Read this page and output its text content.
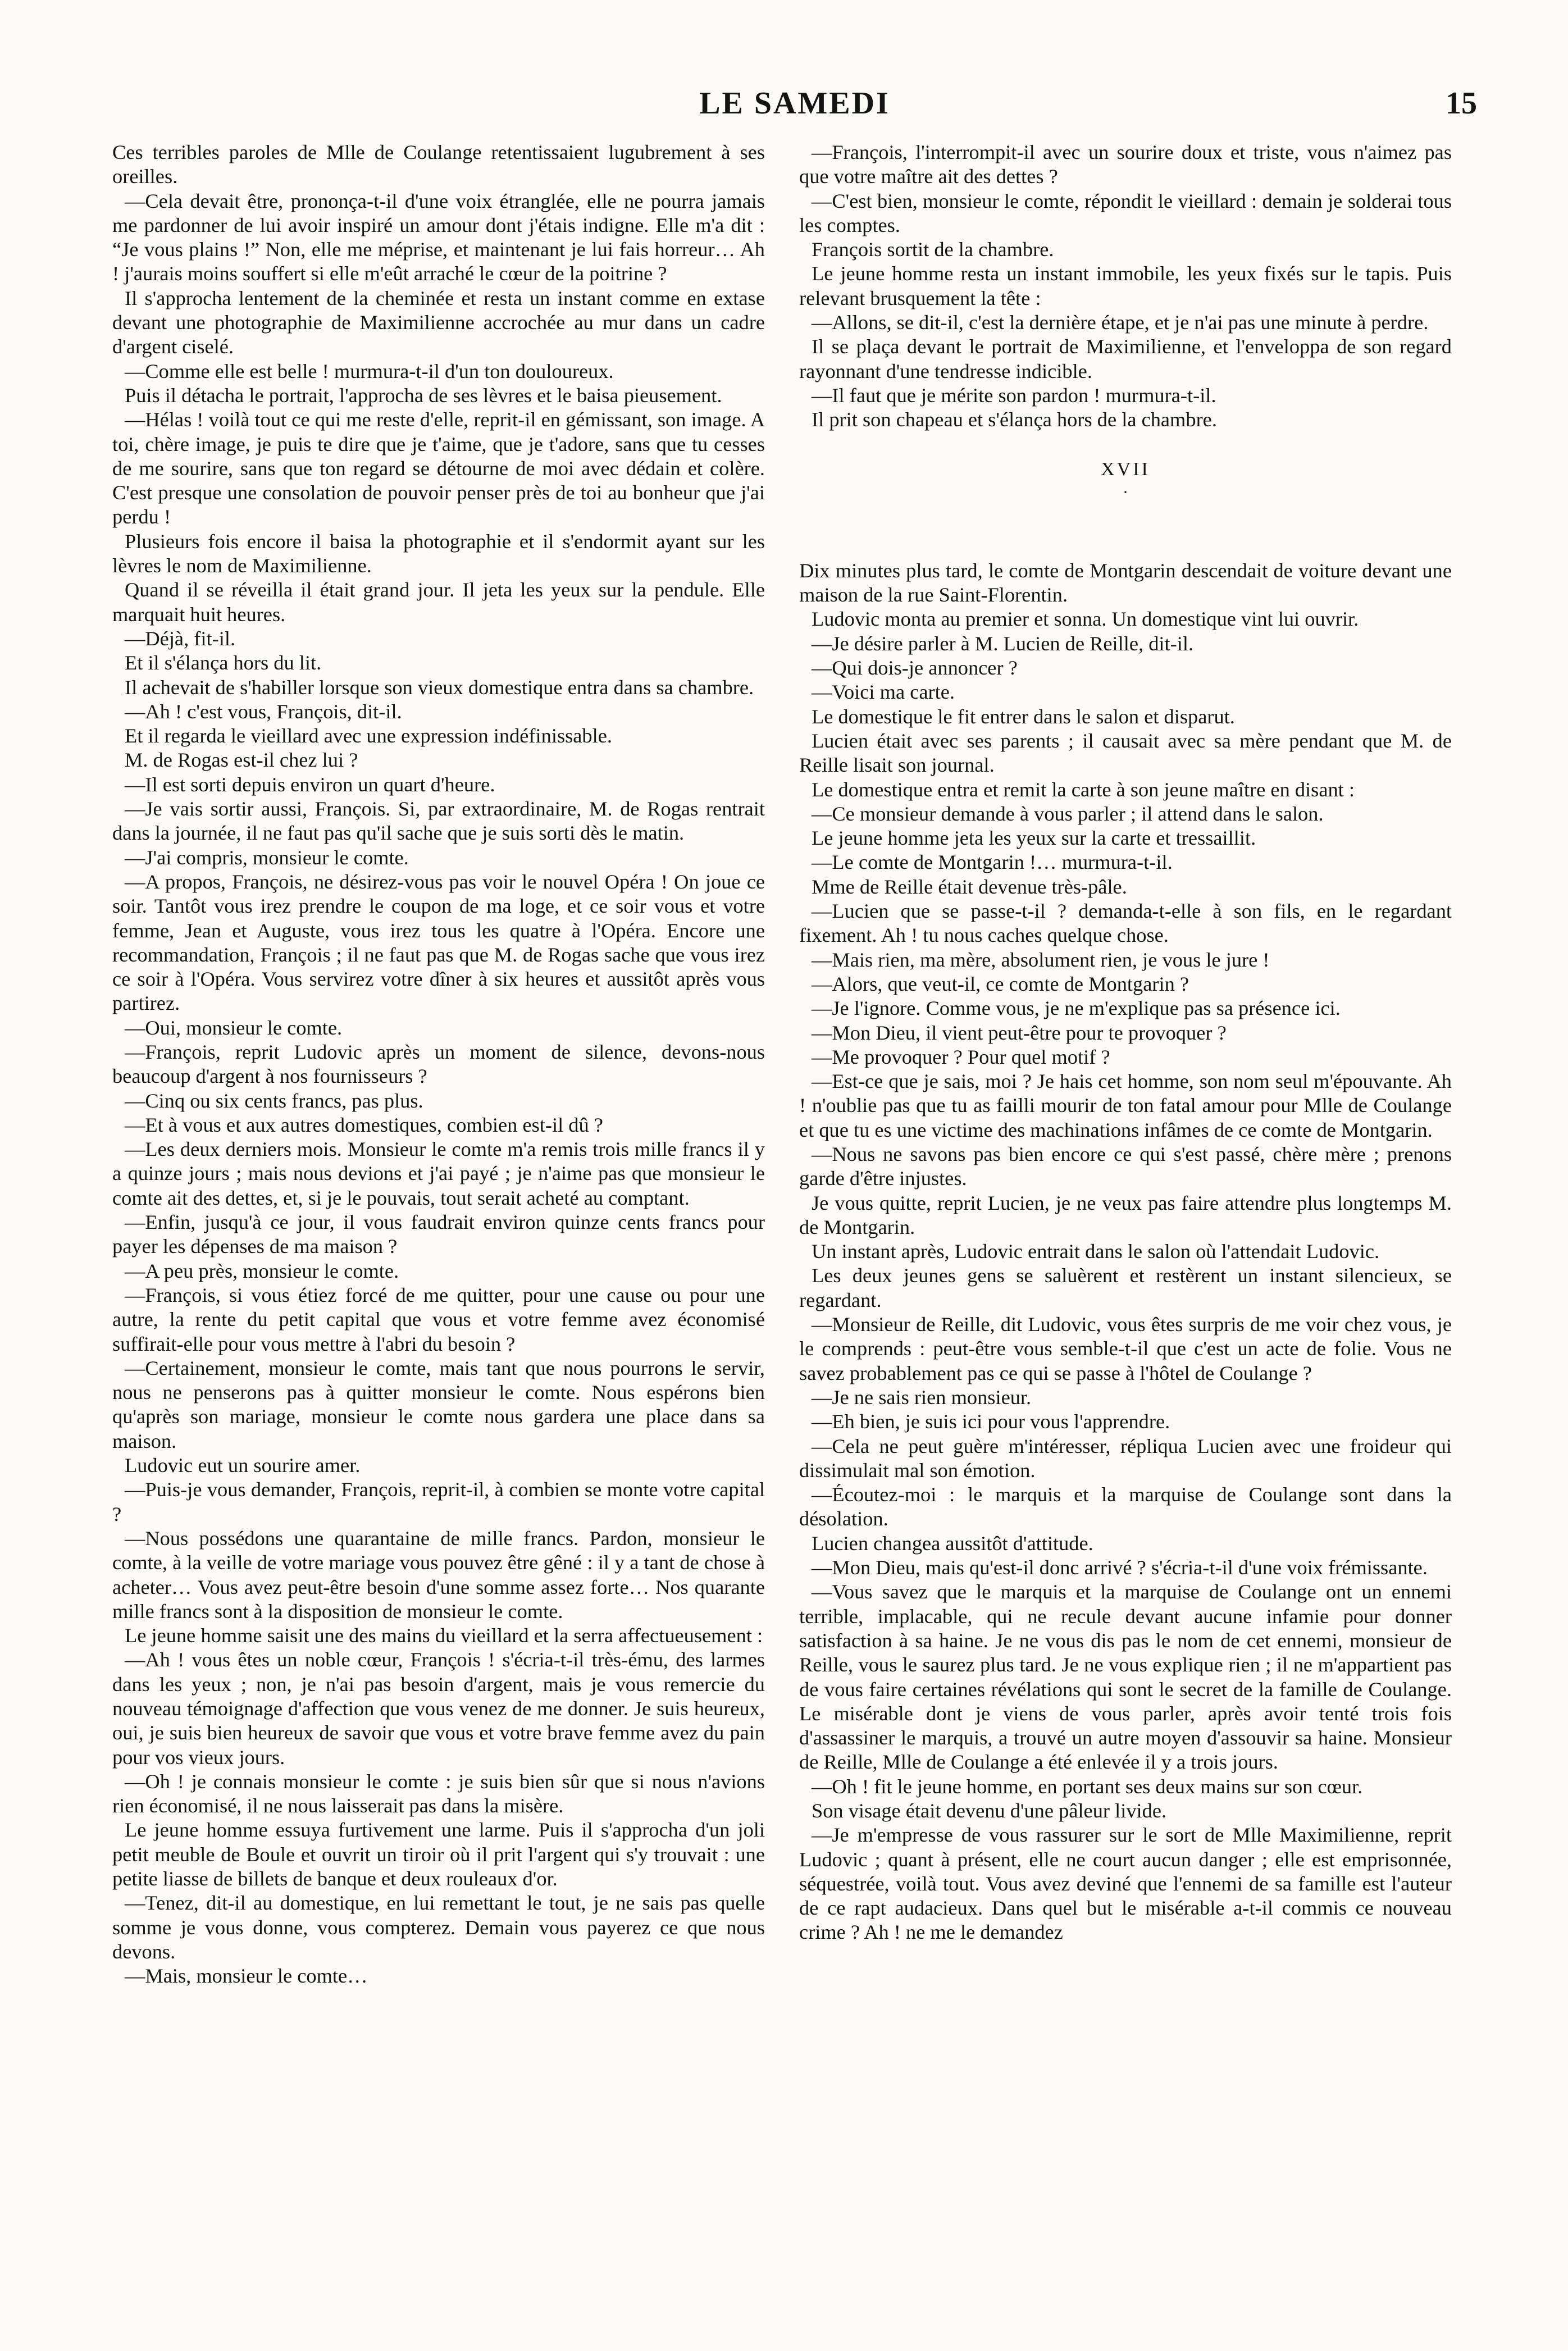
LE SAMEDI	15

Ces terribles paroles de Mlle de Coulange retentissaient lugubrement à ses oreilles.

—Cela devait être, prononça-t-il d'une voix étranglée, elle ne pourra jamais me pardonner de lui avoir inspiré un amour dont j'étais indigne. Elle m'a dit : “Je vous plains !” Non, elle me méprise, et maintenant je lui fais horreur… Ah ! j'aurais moins souffert si elle m'eût arraché le cœur de la poitrine ?

Il s'approcha lentement de la cheminée et resta un instant comme en extase devant une photographie de Maximilienne accrochée au mur dans un cadre d'argent ciselé.

—Comme elle est belle ! murmura-t-il d'un ton douloureux.

Puis il détacha le portrait, l'approcha de ses lèvres et le baisa pieusement.

—Hélas ! voilà tout ce qui me reste d'elle, reprit-il en gémissant, son image. A toi, chère image, je puis te dire que je t'aime, que je t'adore, sans que tu cesses de me sourire, sans que ton regard se détourne de moi avec dédain et colère. C'est presque une consolation de pouvoir penser près de toi au bonheur que j'ai perdu !

Plusieurs fois encore il baisa la photographie et il s'endormit ayant sur les lèvres le nom de Maximilienne.

Quand il se réveilla il était grand jour. Il jeta les yeux sur la pendule. Elle marquait huit heures.

—Déjà, fit-il.

Et il s'élança hors du lit.

Il achevait de s'habiller lorsque son vieux domestique entra dans sa chambre.

—Ah ! c'est vous, François, dit-il.

Et il regarda le vieillard avec une expression indéfinissable.

M. de Rogas est-il chez lui ?

—Il est sorti depuis environ un quart d'heure.

—Je vais sortir aussi, François. Si, par extraordinaire, M. de Rogas rentrait dans la journée, il ne faut pas qu'il sache que je suis sorti dès le matin.

—J'ai compris, monsieur le comte.

—A propos, François, ne désirez-vous pas voir le nouvel Opéra ! On joue ce soir. Tantôt vous irez prendre le coupon de ma loge, et ce soir vous et votre femme, Jean et Auguste, vous irez tous les quatre à l'Opéra. Encore une recommandation, François ; il ne faut pas que M. de Rogas sache que vous irez ce soir à l'Opéra. Vous servirez votre dîner à six heures et aussitôt après vous partirez.

—Oui, monsieur le comte.

—François, reprit Ludovic après un moment de silence, devons-nous beaucoup d'argent à nos fournisseurs ?

—Cinq ou six cents francs, pas plus.

—Et à vous et aux autres domestiques, combien est-il dû ?

—Les deux derniers mois. Monsieur le comte m'a remis trois mille francs il y a quinze jours ; mais nous devions et j'ai payé ; je n'aime pas que monsieur le comte ait des dettes, et, si je le pouvais, tout serait acheté au comptant.

—Enfin, jusqu'à ce jour, il vous faudrait environ quinze cents francs pour payer les dépenses de ma maison ?

—A peu près, monsieur le comte.

—François, si vous étiez forcé de me quitter, pour une cause ou pour une autre, la rente du petit capital que vous et votre femme avez économisé suffirait-elle pour vous mettre à l'abri du besoin ?

—Certainement, monsieur le comte, mais tant que nous pourrons le servir, nous ne penserons pas à quitter monsieur le comte. Nous espérons bien qu'après son mariage, monsieur le comte nous gardera une place dans sa maison.

Ludovic eut un sourire amer.

—Puis-je vous demander, François, reprit-il, à combien se monte votre capital ?

—Nous possédons une quarantaine de mille francs. Pardon, monsieur le comte, à la veille de votre mariage vous pouvez être gêné : il y a tant de chose à acheter… Vous avez peut-être besoin d'une somme assez forte… Nos quarante mille francs sont à la disposition de monsieur le comte.

Le jeune homme saisit une des mains du vieillard et la serra affectueusement :

—Ah ! vous êtes un noble cœur, François ! s'écria-t-il très-ému, des larmes dans les yeux ; non, je n'ai pas besoin d'argent, mais je vous remercie du nouveau témoignage d'affection que vous venez de me donner. Je suis heureux, oui, je suis bien heureux de savoir que vous et votre brave femme avez du pain pour vos vieux jours.

—Oh ! je connais monsieur le comte : je suis bien sûr que si nous n'avions rien économisé, il ne nous laisserait pas dans la misère.

Le jeune homme essuya furtivement une larme. Puis il s'approcha d'un joli petit meuble de Boule et ouvrit un tiroir où il prit l'argent qui s'y trouvait : une petite liasse de billets de banque et deux rouleaux d'or.

—Tenez, dit-il au domestique, en lui remettant le tout, je ne sais pas quelle somme je vous donne, vous compterez. Demain vous payerez ce que nous devons.

—Mais, monsieur le comte…

—François, l'interrompit-il avec un sourire doux et triste, vous n'aimez pas que votre maître ait des dettes ?

—C'est bien, monsieur le comte, répondit le vieillard : demain je solderai tous les comptes.

François sortit de la chambre.

Le jeune homme resta un instant immobile, les yeux fixés sur le tapis. Puis relevant brusquement la tête :

—Allons, se dit-il, c'est la dernière étape, et je n'ai pas une minute à perdre.

Il se plaça devant le portrait de Maximilienne, et l'enveloppa de son regard rayonnant d'une tendresse indicible.

—Il faut que je mérite son pardon ! murmura-t-il.

Il prit son chapeau et s'élança hors de la chambre.

XVII
·

Dix minutes plus tard, le comte de Montgarin descendait de voiture devant une maison de la rue Saint-Florentin.

Ludovic monta au premier et sonna. Un domestique vint lui ouvrir.

—Je désire parler à M. Lucien de Reille, dit-il.

—Qui dois-je annoncer ?

—Voici ma carte.

Le domestique le fit entrer dans le salon et disparut.

Lucien était avec ses parents ; il causait avec sa mère pendant que M. de Reille lisait son journal.

Le domestique entra et remit la carte à son jeune maître en disant :

—Ce monsieur demande à vous parler ; il attend dans le salon.

Le jeune homme jeta les yeux sur la carte et tressaillit.

—Le comte de Montgarin !… murmura-t-il.

Mme de Reille était devenue très-pâle.

—Lucien que se passe-t-il ? demanda-t-elle à son fils, en le regardant fixement. Ah ! tu nous caches quelque chose.

—Mais rien, ma mère, absolument rien, je vous le jure !

—Alors, que veut-il, ce comte de Montgarin ?

—Je l'ignore. Comme vous, je ne m'explique pas sa présence ici.

—Mon Dieu, il vient peut-être pour te provoquer ?

—Me provoquer ? Pour quel motif ?

—Est-ce que je sais, moi ? Je hais cet homme, son nom seul m'épouvante. Ah ! n'oublie pas que tu as failli mourir de ton fatal amour pour Mlle de Coulange et que tu es une victime des machinations infâmes de ce comte de Montgarin.

—Nous ne savons pas bien encore ce qui s'est passé, chère mère ; prenons garde d'être injustes.

Je vous quitte, reprit Lucien, je ne veux pas faire attendre plus longtemps M. de Montgarin.

Un instant après, Ludovic entrait dans le salon où l'attendait Ludovic.

Les deux jeunes gens se saluèrent et restèrent un instant silencieux, se regardant.

—Monsieur de Reille, dit Ludovic, vous êtes surpris de me voir chez vous, je le comprends : peut-être vous semble-t-il que c'est un acte de folie. Vous ne savez probablement pas ce qui se passe à l'hôtel de Coulange ?

—Je ne sais rien monsieur.

—Eh bien, je suis ici pour vous l'apprendre.

—Cela ne peut guère m'intéresser, répliqua Lucien avec une froideur qui dissimulait mal son émotion.

—Écoutez-moi : le marquis et la marquise de Coulange sont dans la désolation.

Lucien changea aussitôt d'attitude.

—Mon Dieu, mais qu'est-il donc arrivé ? s'écria-t-il d'une voix frémissante.

—Vous savez que le marquis et la marquise de Coulange ont un ennemi terrible, implacable, qui ne recule devant aucune infamie pour donner satisfaction à sa haine. Je ne vous dis pas le nom de cet ennemi, monsieur de Reille, vous le saurez plus tard. Je ne vous explique rien ; il ne m'appartient pas de vous faire certaines révélations qui sont le secret de la famille de Coulange. Le misérable dont je viens de vous parler, après avoir tenté trois fois d'assassiner le marquis, a trouvé un autre moyen d'assouvir sa haine. Monsieur de Reille, Mlle de Coulange a été enlevée il y a trois jours.

—Oh ! fit le jeune homme, en portant ses deux mains sur son cœur.

Son visage était devenu d'une pâleur livide.

—Je m'empresse de vous rassurer sur le sort de Mlle Maximilienne, reprit Ludovic ; quant à présent, elle ne court aucun danger ; elle est emprisonnée, séquestrée, voilà tout. Vous avez deviné que l'ennemi de sa famille est l'auteur de ce rapt audacieux. Dans quel but le misérable a-t-il commis ce nouveau crime ? Ah ! ne me le demandez
